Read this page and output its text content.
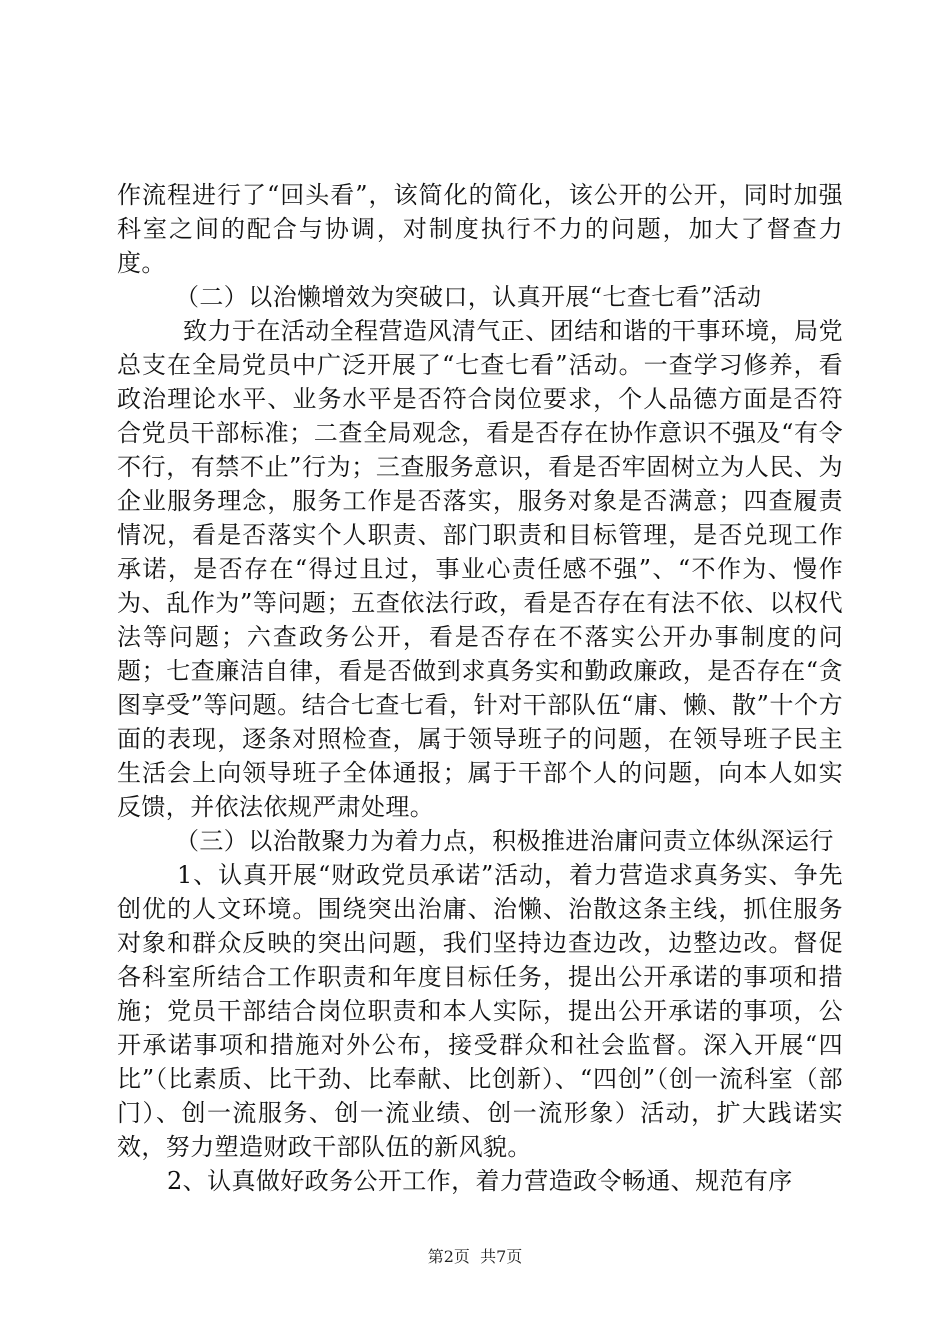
作流程进行了“回头看”，该简化的简化，该公开的公开，同时加强科室之间的配合与协调，对制度执行不力的问题，加大了督查力度。

（二）以治懒增效为突破口，认真开展“七查七看”活动

致力于在活动全程营造风清气正、团结和谐的干事环境，局党总支在全局党员中广泛开展了“七查七看”活动。一查学习修养，看政治理论水平、业务水平是否符合岗位要求，个人品德方面是否符合党员干部标准；二查全局观念，看是否存在协作意识不强及“有令不行，有禁不止”行为；三查服务意识，看是否牢固树立为人民、为企业服务理念，服务工作是否落实，服务对象是否满意；四查履责情况，看是否落实个人职责、部门职责和目标管理，是否兑现工作承诺，是否存在“得过且过，事业心责任感不强”、“不作为、慢作为、乱作为”等问题；五查依法行政，看是否存在有法不依、以权代法等问题；六查政务公开，看是否存在不落实公开办事制度的问题；七查廉洁自律，看是否做到求真务实和勤政廉政，是否存在“贪图享受”等问题。结合七查七看，针对干部队伍“庸、懒、散”十个方面的表现，逐条对照检查，属于领导班子的问题，在领导班子民主生活会上向领导班子全体通报；属于干部个人的问题，向本人如实反馈，并依法依规严肃处理。

（三）以治散聚力为着力点，积极推进治庸问责立体纵深运行

1、认真开展“财政党员承诺”活动，着力营造求真务实、争先创优的人文环境。围绕突出治庸、治懒、治散这条主线，抓住服务对象和群众反映的突出问题，我们坚持边查边改，边整边改。督促各科室所结合工作职责和年度目标任务，提出公开承诺的事项和措施；党员干部结合岗位职责和本人实际，提出公开承诺的事项，公开承诺事项和措施对外公布，接受群众和社会监督。深入开展“四比”（比素质、比干劲、比奉献、比创新）、“四创”（创一流科室（部门）、创一流服务、创一流业绩、创一流形象）活动，扩大践诺实效，努力塑造财政干部队伍的新风貌。

2、认真做好政务公开工作，着力营造政令畅通、规范有序

第2页  共7页
